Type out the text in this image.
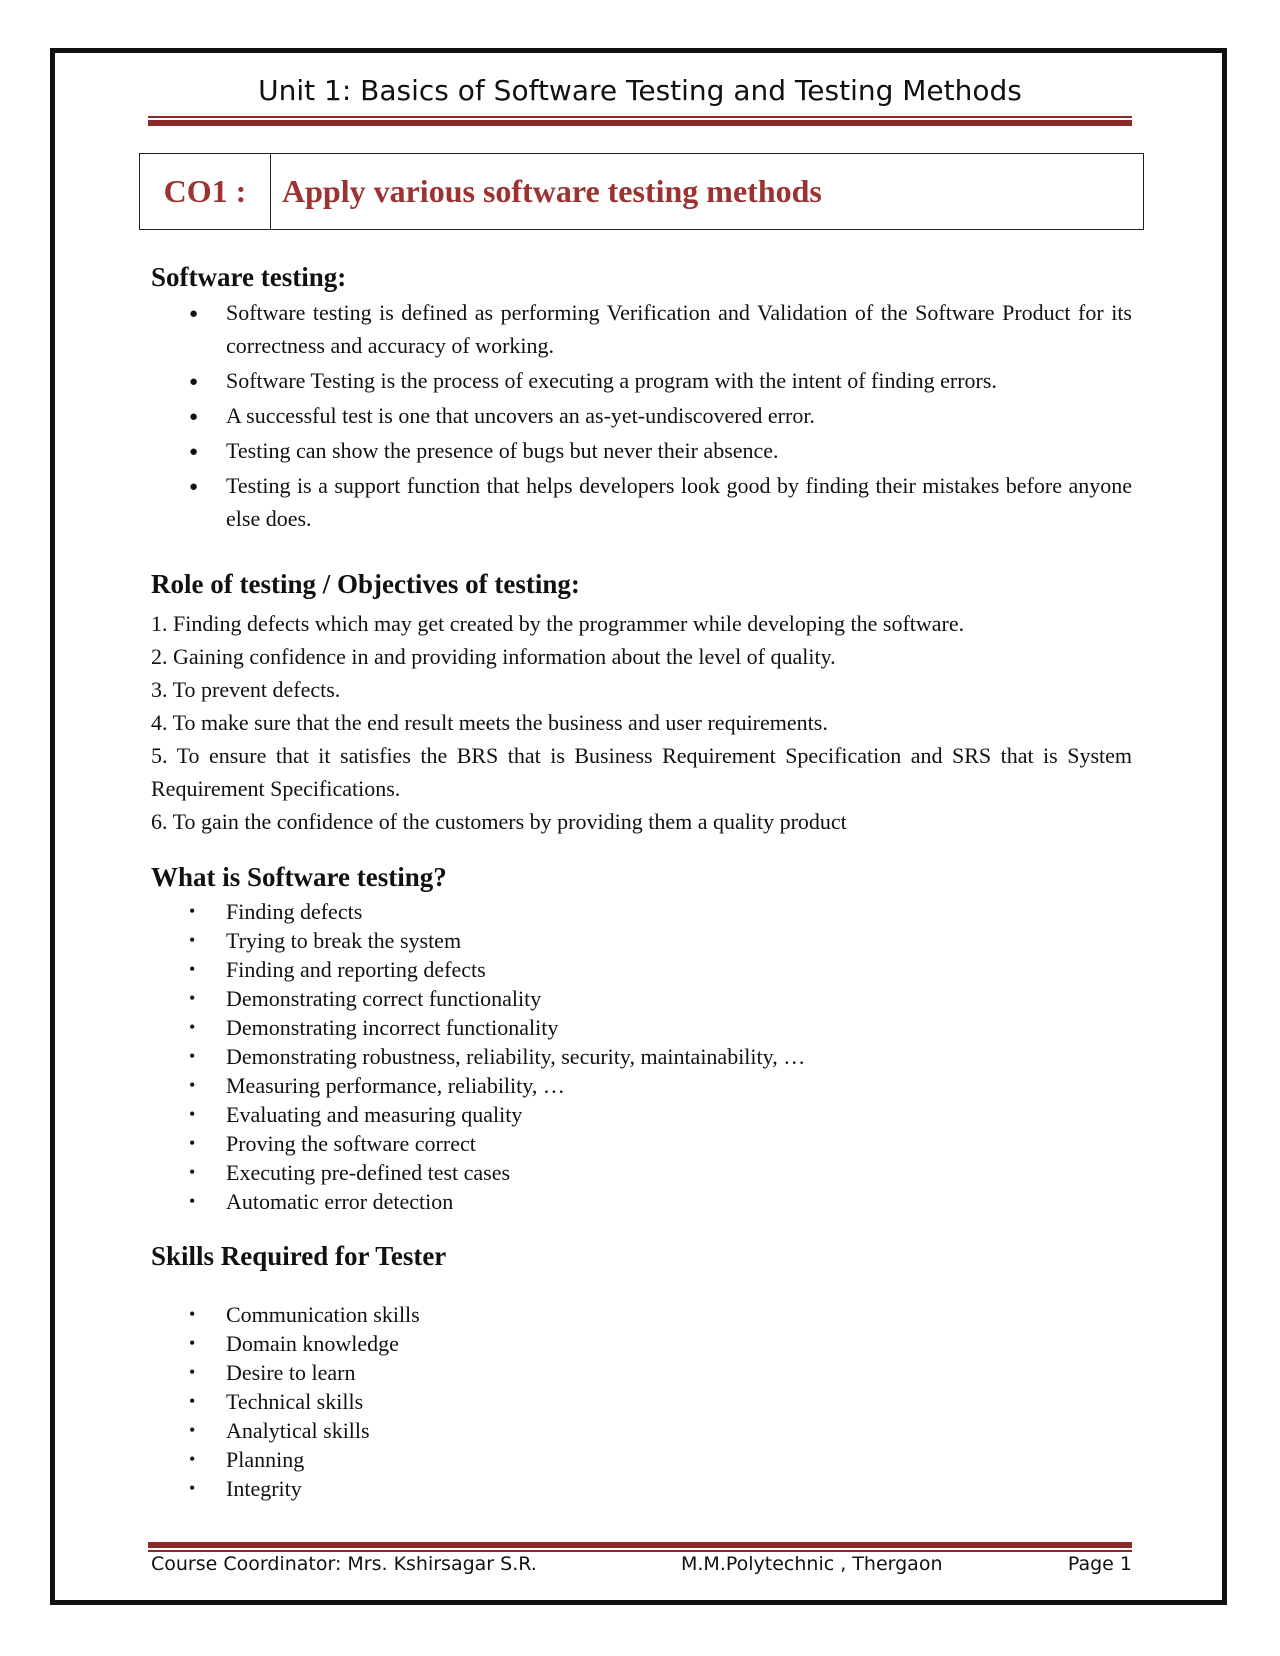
Unit 1: Basics of Software Testing and Testing Methods
CO1 :	Apply various software testing methods
Software testing:
● Software testing is defined as performing Verification and Validation of the Software Product for its correctness and accuracy of working.
● Software Testing is the process of executing a program with the intent of finding errors.
● A successful test is one that uncovers an as-yet-undiscovered error.
● Testing can show the presence of bugs but never their absence.
● Testing is a support function that helps developers look good by finding their mistakes before anyone else does.
Role of testing / Objectives of testing:
1. Finding defects which may get created by the programmer while developing the software.
2. Gaining confidence in and providing information about the level of quality.
3. To prevent defects.
4. To make sure that the end result meets the business and user requirements.
5. To ensure that it satisfies the BRS that is Business Requirement Specification and SRS that is System Requirement Specifications.
6. To gain the confidence of the customers by providing them a quality product
What is Software testing?
• Finding defects
• Trying to break the system
• Finding and reporting defects
• Demonstrating correct functionality
• Demonstrating incorrect functionality
• Demonstrating robustness, reliability, security, maintainability, …
• Measuring performance, reliability, …
• Evaluating and measuring quality
• Proving the software correct
• Executing pre-defined test cases
• Automatic error detection
Skills Required for Tester
• Communication skills
• Domain knowledge
• Desire to learn
• Technical skills
• Analytical skills
• Planning
• Integrity
Course Coordinator: Mrs. Kshirsagar S.R.	M.M.Polytechnic , Thergaon	Page 1
